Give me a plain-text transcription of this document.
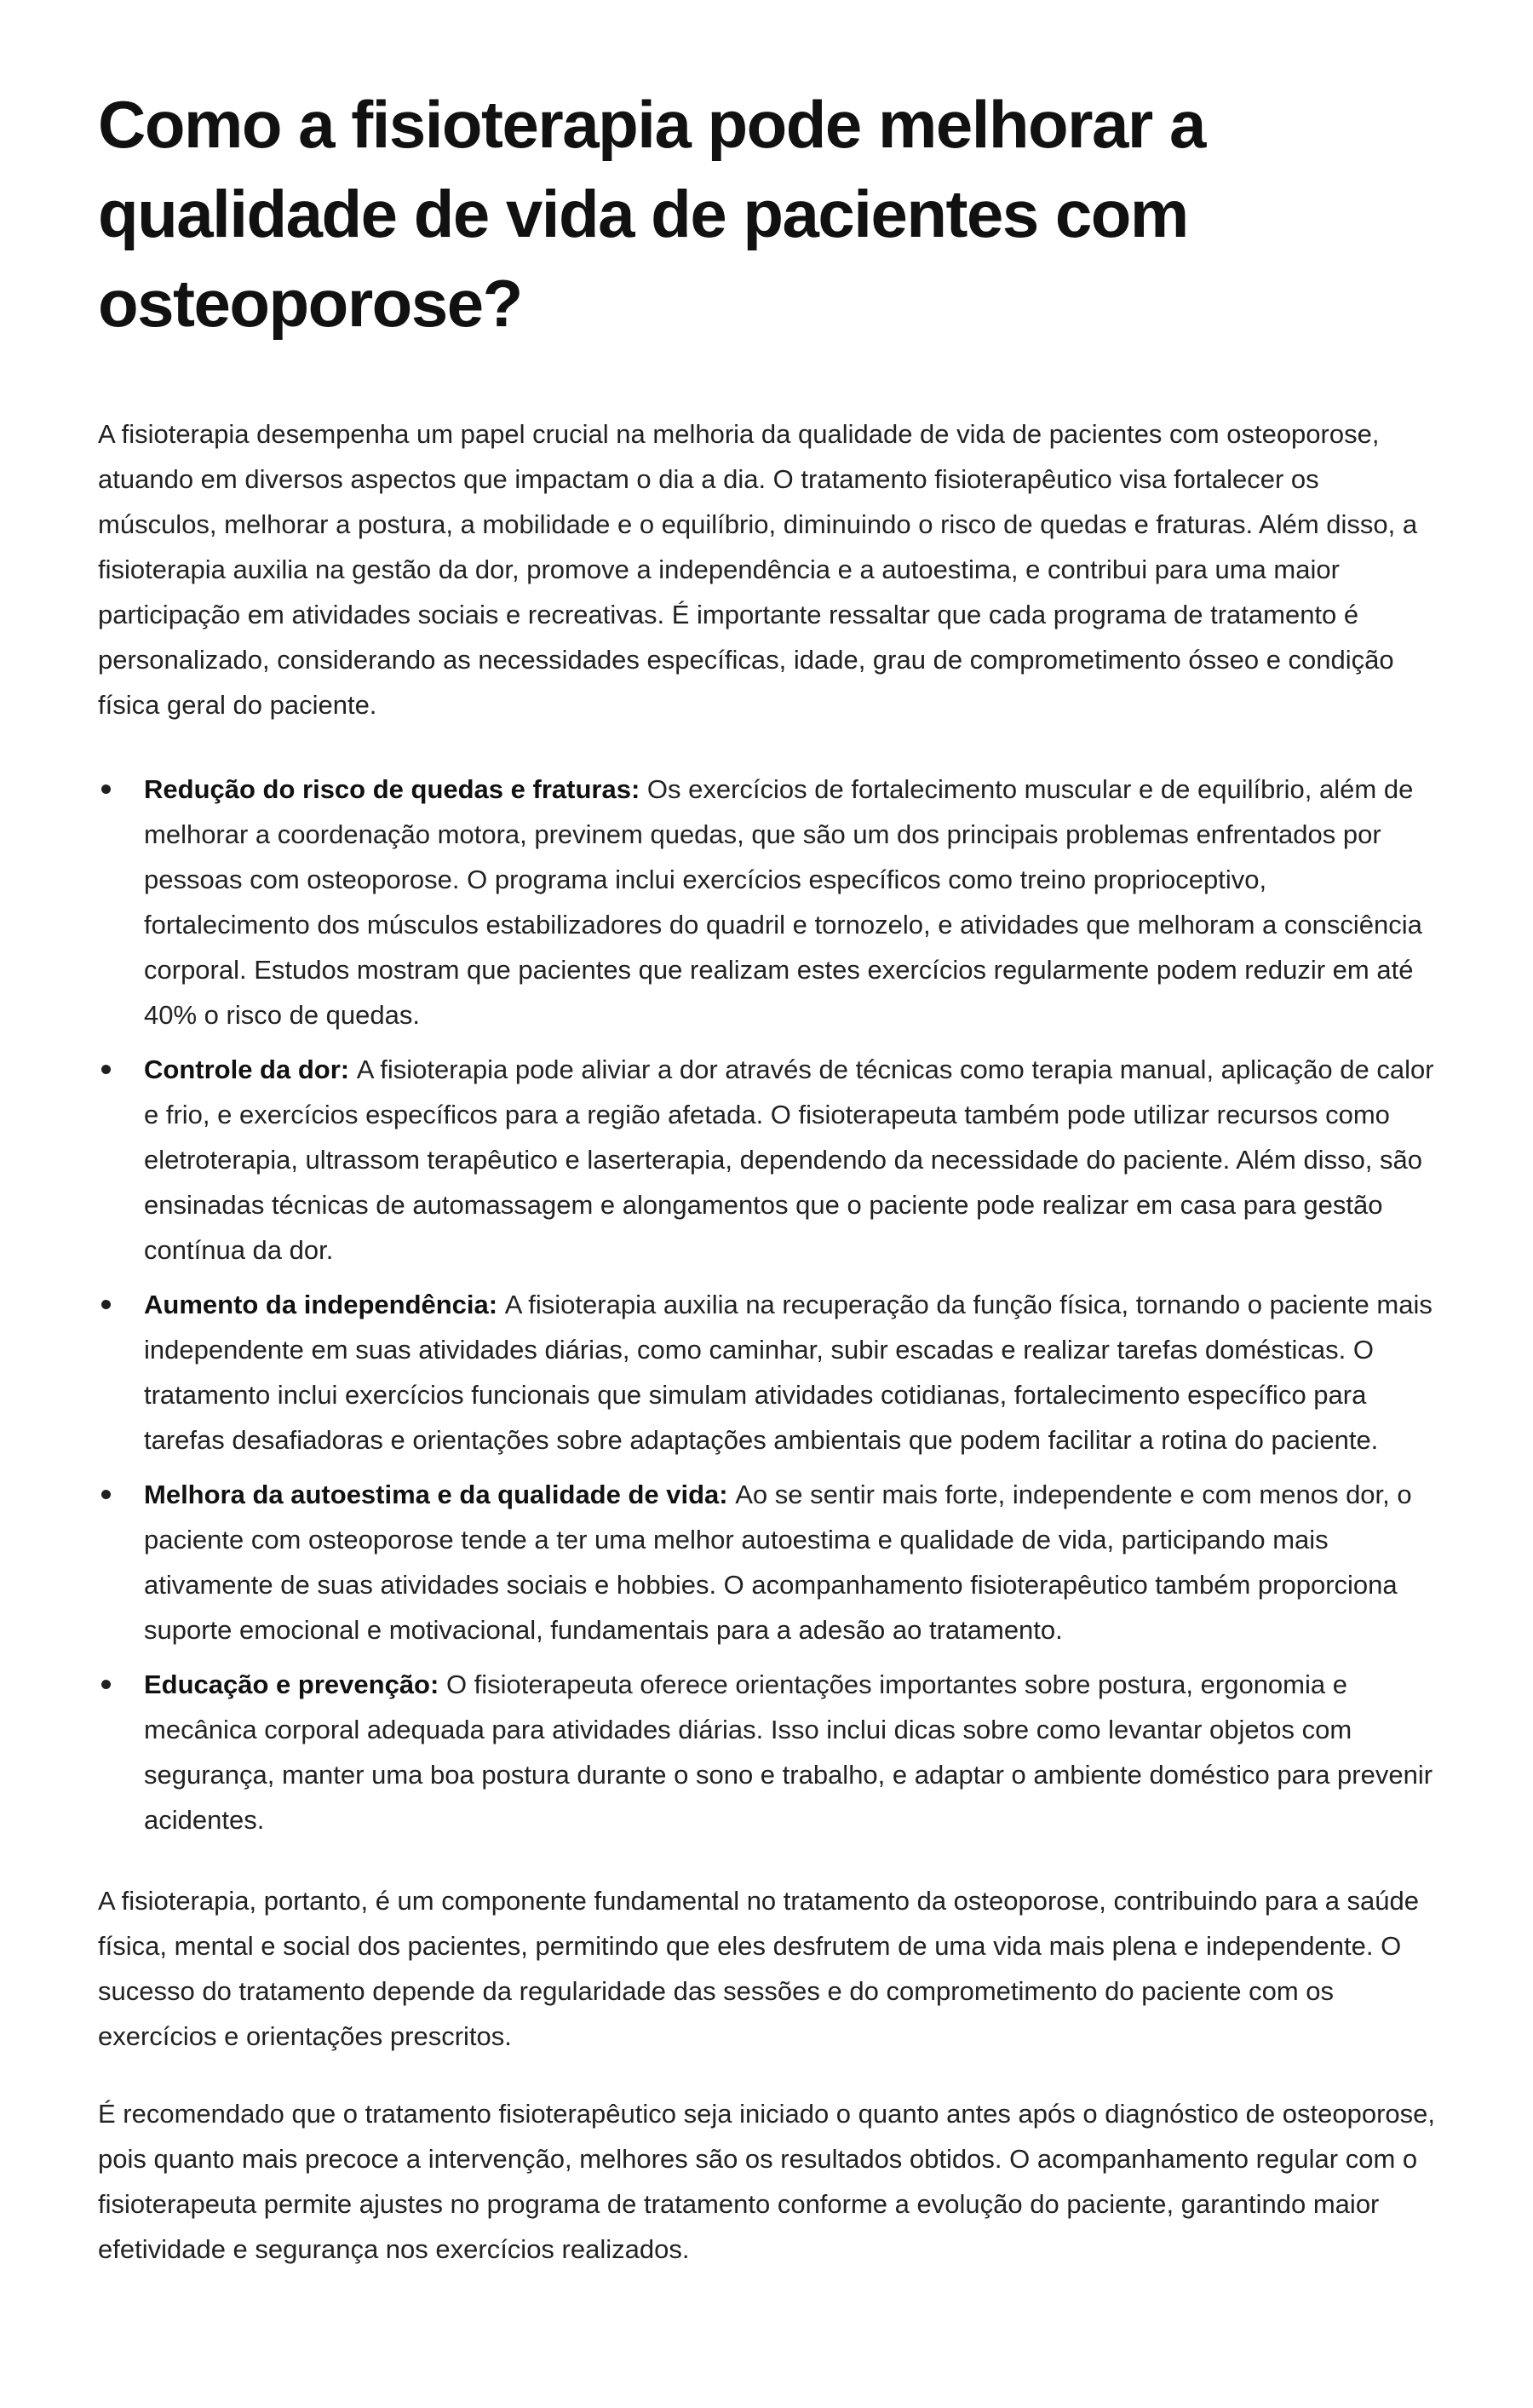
Como a fisioterapia pode melhorar a qualidade de vida de pacientes com osteoporose?

A fisioterapia desempenha um papel crucial na melhoria da qualidade de vida de pacientes com osteoporose, atuando em diversos aspectos que impactam o dia a dia. O tratamento fisioterapêutico visa fortalecer os músculos, melhorar a postura, a mobilidade e o equilíbrio, diminuindo o risco de quedas e fraturas. Além disso, a fisioterapia auxilia na gestão da dor, promove a independência e a autoestima, e contribui para uma maior participação em atividades sociais e recreativas. É importante ressaltar que cada programa de tratamento é personalizado, considerando as necessidades específicas, idade, grau de comprometimento ósseo e condição física geral do paciente.

Redução do risco de quedas e fraturas: Os exercícios de fortalecimento muscular e de equilíbrio, além de melhorar a coordenação motora, previnem quedas, que são um dos principais problemas enfrentados por pessoas com osteoporose. O programa inclui exercícios específicos como treino proprioceptivo, fortalecimento dos músculos estabilizadores do quadril e tornozelo, e atividades que melhoram a consciência corporal. Estudos mostram que pacientes que realizam estes exercícios regularmente podem reduzir em até 40% o risco de quedas.
Controle da dor: A fisioterapia pode aliviar a dor através de técnicas como terapia manual, aplicação de calor e frio, e exercícios específicos para a região afetada. O fisioterapeuta também pode utilizar recursos como eletroterapia, ultrassom terapêutico e laserterapia, dependendo da necessidade do paciente. Além disso, são ensinadas técnicas de automassagem e alongamentos que o paciente pode realizar em casa para gestão contínua da dor.
Aumento da independência: A fisioterapia auxilia na recuperação da função física, tornando o paciente mais independente em suas atividades diárias, como caminhar, subir escadas e realizar tarefas domésticas. O tratamento inclui exercícios funcionais que simulam atividades cotidianas, fortalecimento específico para tarefas desafiadoras e orientações sobre adaptações ambientais que podem facilitar a rotina do paciente.
Melhora da autoestima e da qualidade de vida: Ao se sentir mais forte, independente e com menos dor, o paciente com osteoporose tende a ter uma melhor autoestima e qualidade de vida, participando mais ativamente de suas atividades sociais e hobbies. O acompanhamento fisioterapêutico também proporciona suporte emocional e motivacional, fundamentais para a adesão ao tratamento.
Educação e prevenção: O fisioterapeuta oferece orientações importantes sobre postura, ergonomia e mecânica corporal adequada para atividades diárias. Isso inclui dicas sobre como levantar objetos com segurança, manter uma boa postura durante o sono e trabalho, e adaptar o ambiente doméstico para prevenir acidentes.

A fisioterapia, portanto, é um componente fundamental no tratamento da osteoporose, contribuindo para a saúde física, mental e social dos pacientes, permitindo que eles desfrutem de uma vida mais plena e independente. O sucesso do tratamento depende da regularidade das sessões e do comprometimento do paciente com os exercícios e orientações prescritos.

É recomendado que o tratamento fisioterapêutico seja iniciado o quanto antes após o diagnóstico de osteoporose, pois quanto mais precoce a intervenção, melhores são os resultados obtidos. O acompanhamento regular com o fisioterapeuta permite ajustes no programa de tratamento conforme a evolução do paciente, garantindo maior efetividade e segurança nos exercícios realizados.
